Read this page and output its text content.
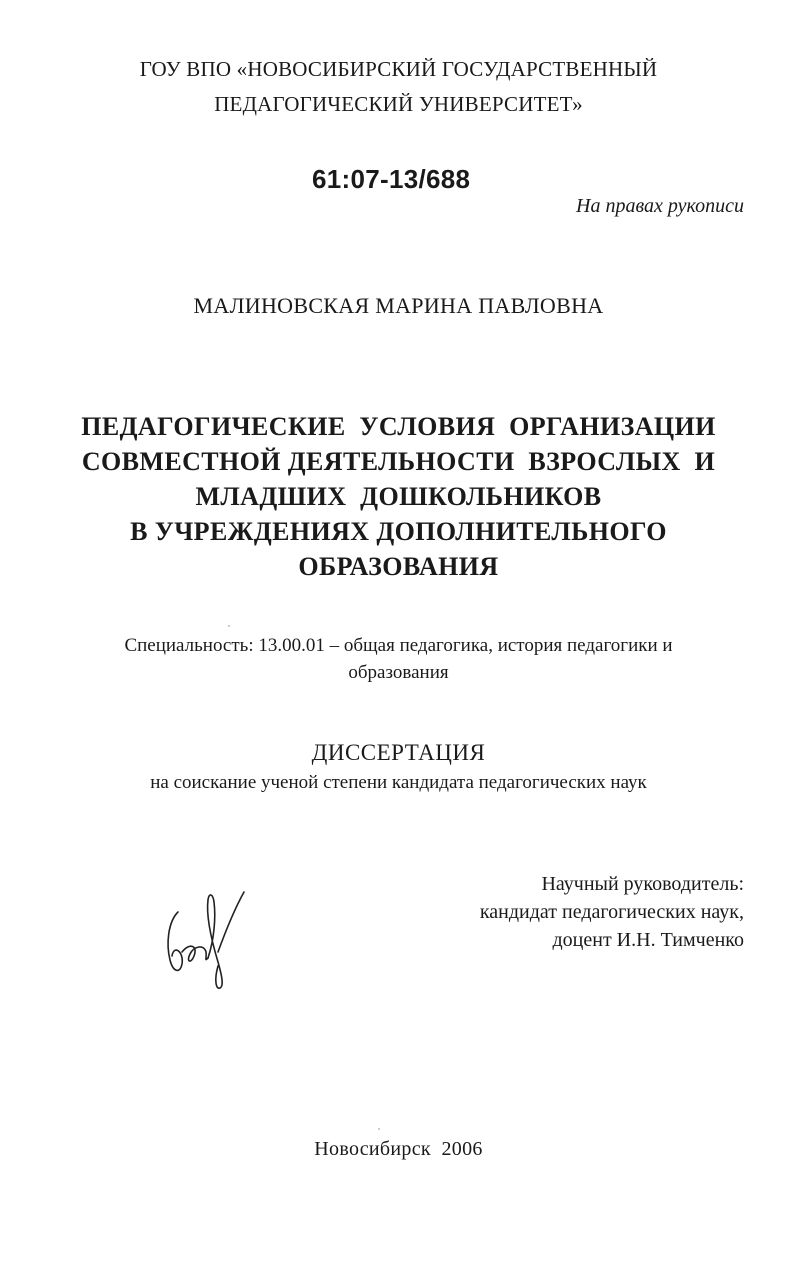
ГОУ ВПО «НОВОСИБИРСКИЙ ГОСУДАРСТВЕННЫЙ
ПЕДАГОГИЧЕСКИЙ УНИВЕРСИТЕТ»
61:07-13/688
На правах рукописи
МАЛИНОВСКАЯ МАРИНА ПАВЛОВНА
ПЕДАГОГИЧЕСКИЕ  УСЛОВИЯ  ОРГАНИЗАЦИИ
СОВМЕСТНОЙ ДЕЯТЕЛЬНОСТИ  ВЗРОСЛЫХ  И
МЛАДШИХ  ДОШКОЛЬНИКОВ
В УЧРЕЖДЕНИЯХ ДОПОЛНИТЕЛЬНОГО
ОБРАЗОВАНИЯ
Специальность: 13.00.01 – общая педагогика, история педагогики и
образования
ДИССЕРТАЦИЯ
на соискание ученой степени кандидата педагогических наук
Научный руководитель:
кандидат педагогических наук,
доцент И.Н. Тимченко
Новосибирск  2006
